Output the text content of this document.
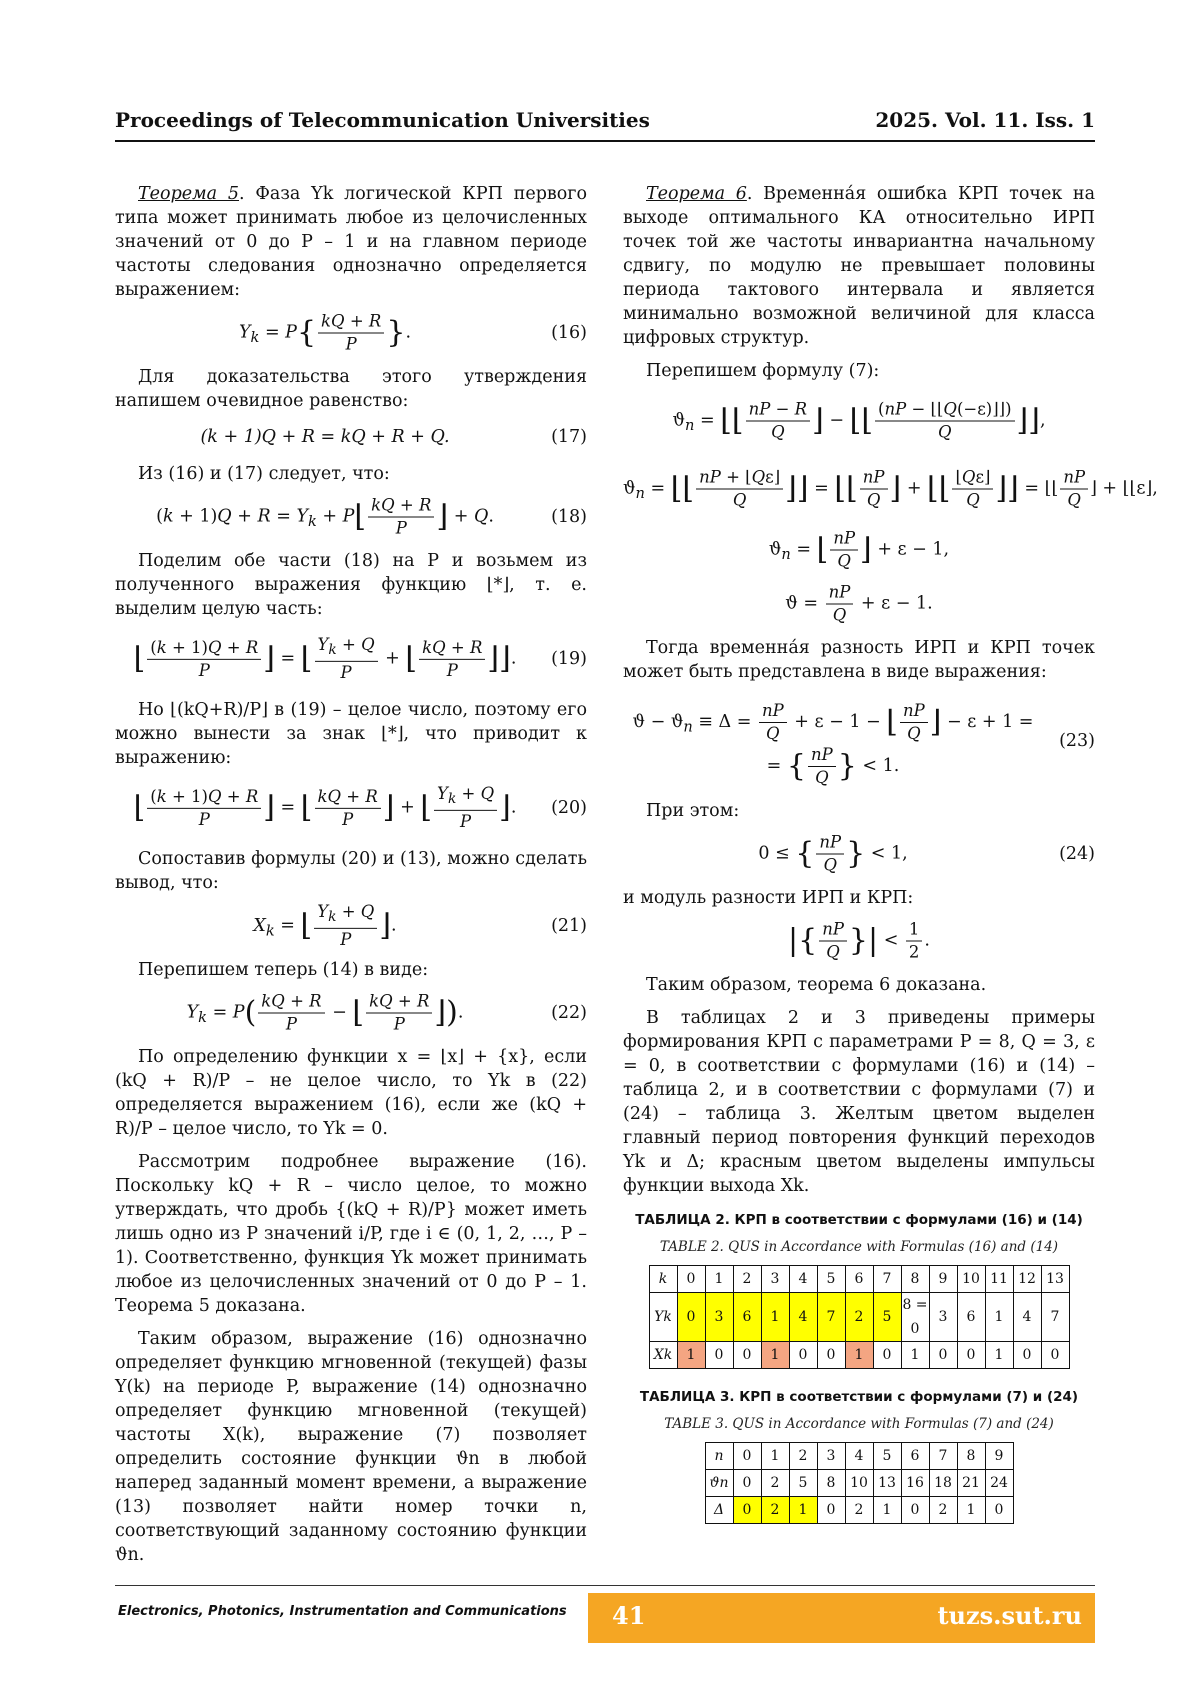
Proceedings of Telecommunication Universities	2025. Vol. 11. Iss. 1

Теорема 5. Фаза Yk логической КРП первого типа может принимать любое из целочисленных значений от 0 до P – 1 и на главном периоде частоты следования однозначно определяется выражением:

$Y_k = P\{ \frac{kQ + R}{P}$ }.	(16)

Для доказательства этого утверждения напишем очевидное равенство:

(k + 1)Q + R = kQ + R + Q.	(17)

Из (16) и (17) следует, что:

$(k + 1)Q + R = Y_k$ + P⌊ $\frac{kQ + R}{P}$ ⌋ + Q.	(18)

Поделим обе части (18) на P и возьмем из полученного выражения функцию ⌊*⌋, т. е. выделим целую часть:

⌊ $\frac{(k + 1)Q + R}{P}$ ⌋ = ⌊ $\frac{Y_k + Q}{P}$ + ⌊ $\frac{kQ + R}{P}$ ⌋⌋.	(19)

Но ⌊(kQ+R)/P⌋ в (19) – целое число, поэтому его можно вынести за знак ⌊*⌋, что приводит к выражению:

⌊ $\frac{(k + 1)Q + R}{P}$ ⌋ = ⌊ $\frac{kQ + R}{P}$ ⌋ + ⌊ $\frac{Y_k + Q}{P}$ ⌋.	(20)

Сопоставив формулы (20) и (13), можно сделать вывод, что:

$X_k$ = ⌊ $\frac{Y_k + Q}{P}$ ⌋.	(21)

Перепишем теперь (14) в виде:

$Y_k = P( \frac{kQ + R}{P}$ − ⌊ $\frac{kQ + R}{P}$ ⌋).	(22)

По определению функции x = ⌊x⌋ + {x}, если (kQ + R)/P – не целое число, то Yk в (22) определяется выражением (16), если же (kQ + R)/P – целое число, то Yk = 0.

Рассмотрим подробнее выражение (16). Поскольку kQ + R – число целое, то можно утверждать, что дробь {(kQ + R)/P} может иметь лишь одно из P значений i/P, где i ∈ (0, 1, 2, …, P – 1). Соответственно, функция Yk может принимать любое из целочисленных значений от 0 до P – 1. Теорема 5 доказана.

Таким образом, выражение (16) однозначно определяет функцию мгновенной (текущей) фазы Y(k) на периоде P, выражение (14) однозначно определяет функцию мгновенной (текущей) частоты X(k), выражение (7) позволяет определить состояние функции ϑn в любой наперед заданный момент времени, а выражение (13) позволяет найти номер точки n, соответствующий заданному состоянию функции ϑn.

Теорема 6. Временна́я ошибка КРП точек на выходе оптимального КА относительно ИРП точек той же частоты инвариантна начальному сдвигу, по модулю не превышает половины периода тактового интервала и является минимально возможной величиной для класса цифровых структур.

Перепишем формулу (7):

$ϑ_n$ = ⌊⌊ $\frac{nP - R}{Q}$ ⌋ − ⌊⌊ $\frac{(nP - ⌊⌊Q(-\varepsilon)⌋⌋)}{Q}$ ⌋⌋,
$ϑ_n$ = ⌊⌊ $\frac{nP + ⌊Q\varepsilon⌋}{Q}$ ⌋⌋ = ⌊⌊ $\frac{nP}{Q}$ ⌋ + ⌊⌊ $\frac{⌊Q\varepsilon⌋}{Q}$ ⌋⌋ = ⌊⌊ $\frac{nP}{Q}$ ⌋ + ⌊⌊ε⌋,
$ϑ_n$ = ⌊ $\frac{nP}{Q}$ ⌋ + ε − 1,
$ϑ = \frac{nP}{Q} + \varepsilon - 1$.

Тогда временна́я разность ИРП и КРП точек может быть представлена в виде выражения:

$ϑ - ϑ_n \equiv \Delta = \frac{nP}{Q} + \varepsilon - 1$ − ⌊ $\frac{nP}{Q}$ ⌋ − ε + 1 =
= { $\frac{nP}{Q}$ } < 1.
(23)

При этом:

0 ≤ { $\frac{nP}{Q}$ } < 1,	(24)

и модуль разности ИРП и КРП:

|{ $\frac{nP}{Q}$ }| < $\frac{1}{2}$ .

Таким образом, теорема 6 доказана.

В таблицах 2 и 3 приведены примеры формирования КРП с параметрами P = 8, Q = 3, ε = 0, в соответствии с формулами (16) и (14) – таблица 2, и в соответствии с формулами (7) и (24) – таблица 3. Желтым цветом выделен главный период повторения функций переходов Yk и Δ; красным цветом выделены импульсы функции выхода Xk.

ТАБЛИЦА 2. КРП в соответствии с формулами (16) и (14)
TABLE 2. QUS in Accordance with Formulas (16) and (14)
k	0	1	2	3	4	5	6	7	8	9	10	11	12	13
Yk	0	3	6	1	4	7	2	5	8 = 0	3	6	1	4	7
Xk	1	0	0	1	0	0	1	0	1	0	0	1	0	0
ТАБЛИЦА 3. КРП в соответствии с формулами (7) и (24)
TABLE 3. QUS in Accordance with Formulas (7) and (24)
n	0	1	2	3	4	5	6	7	8	9
ϑn	0	2	5	8	10	13	16	18	21	24
Δ	0	2	1	0	2	1	0	2	1	0
Electronics, Photonics, Instrumentation and Communications 41	tuzs.sut.ru
